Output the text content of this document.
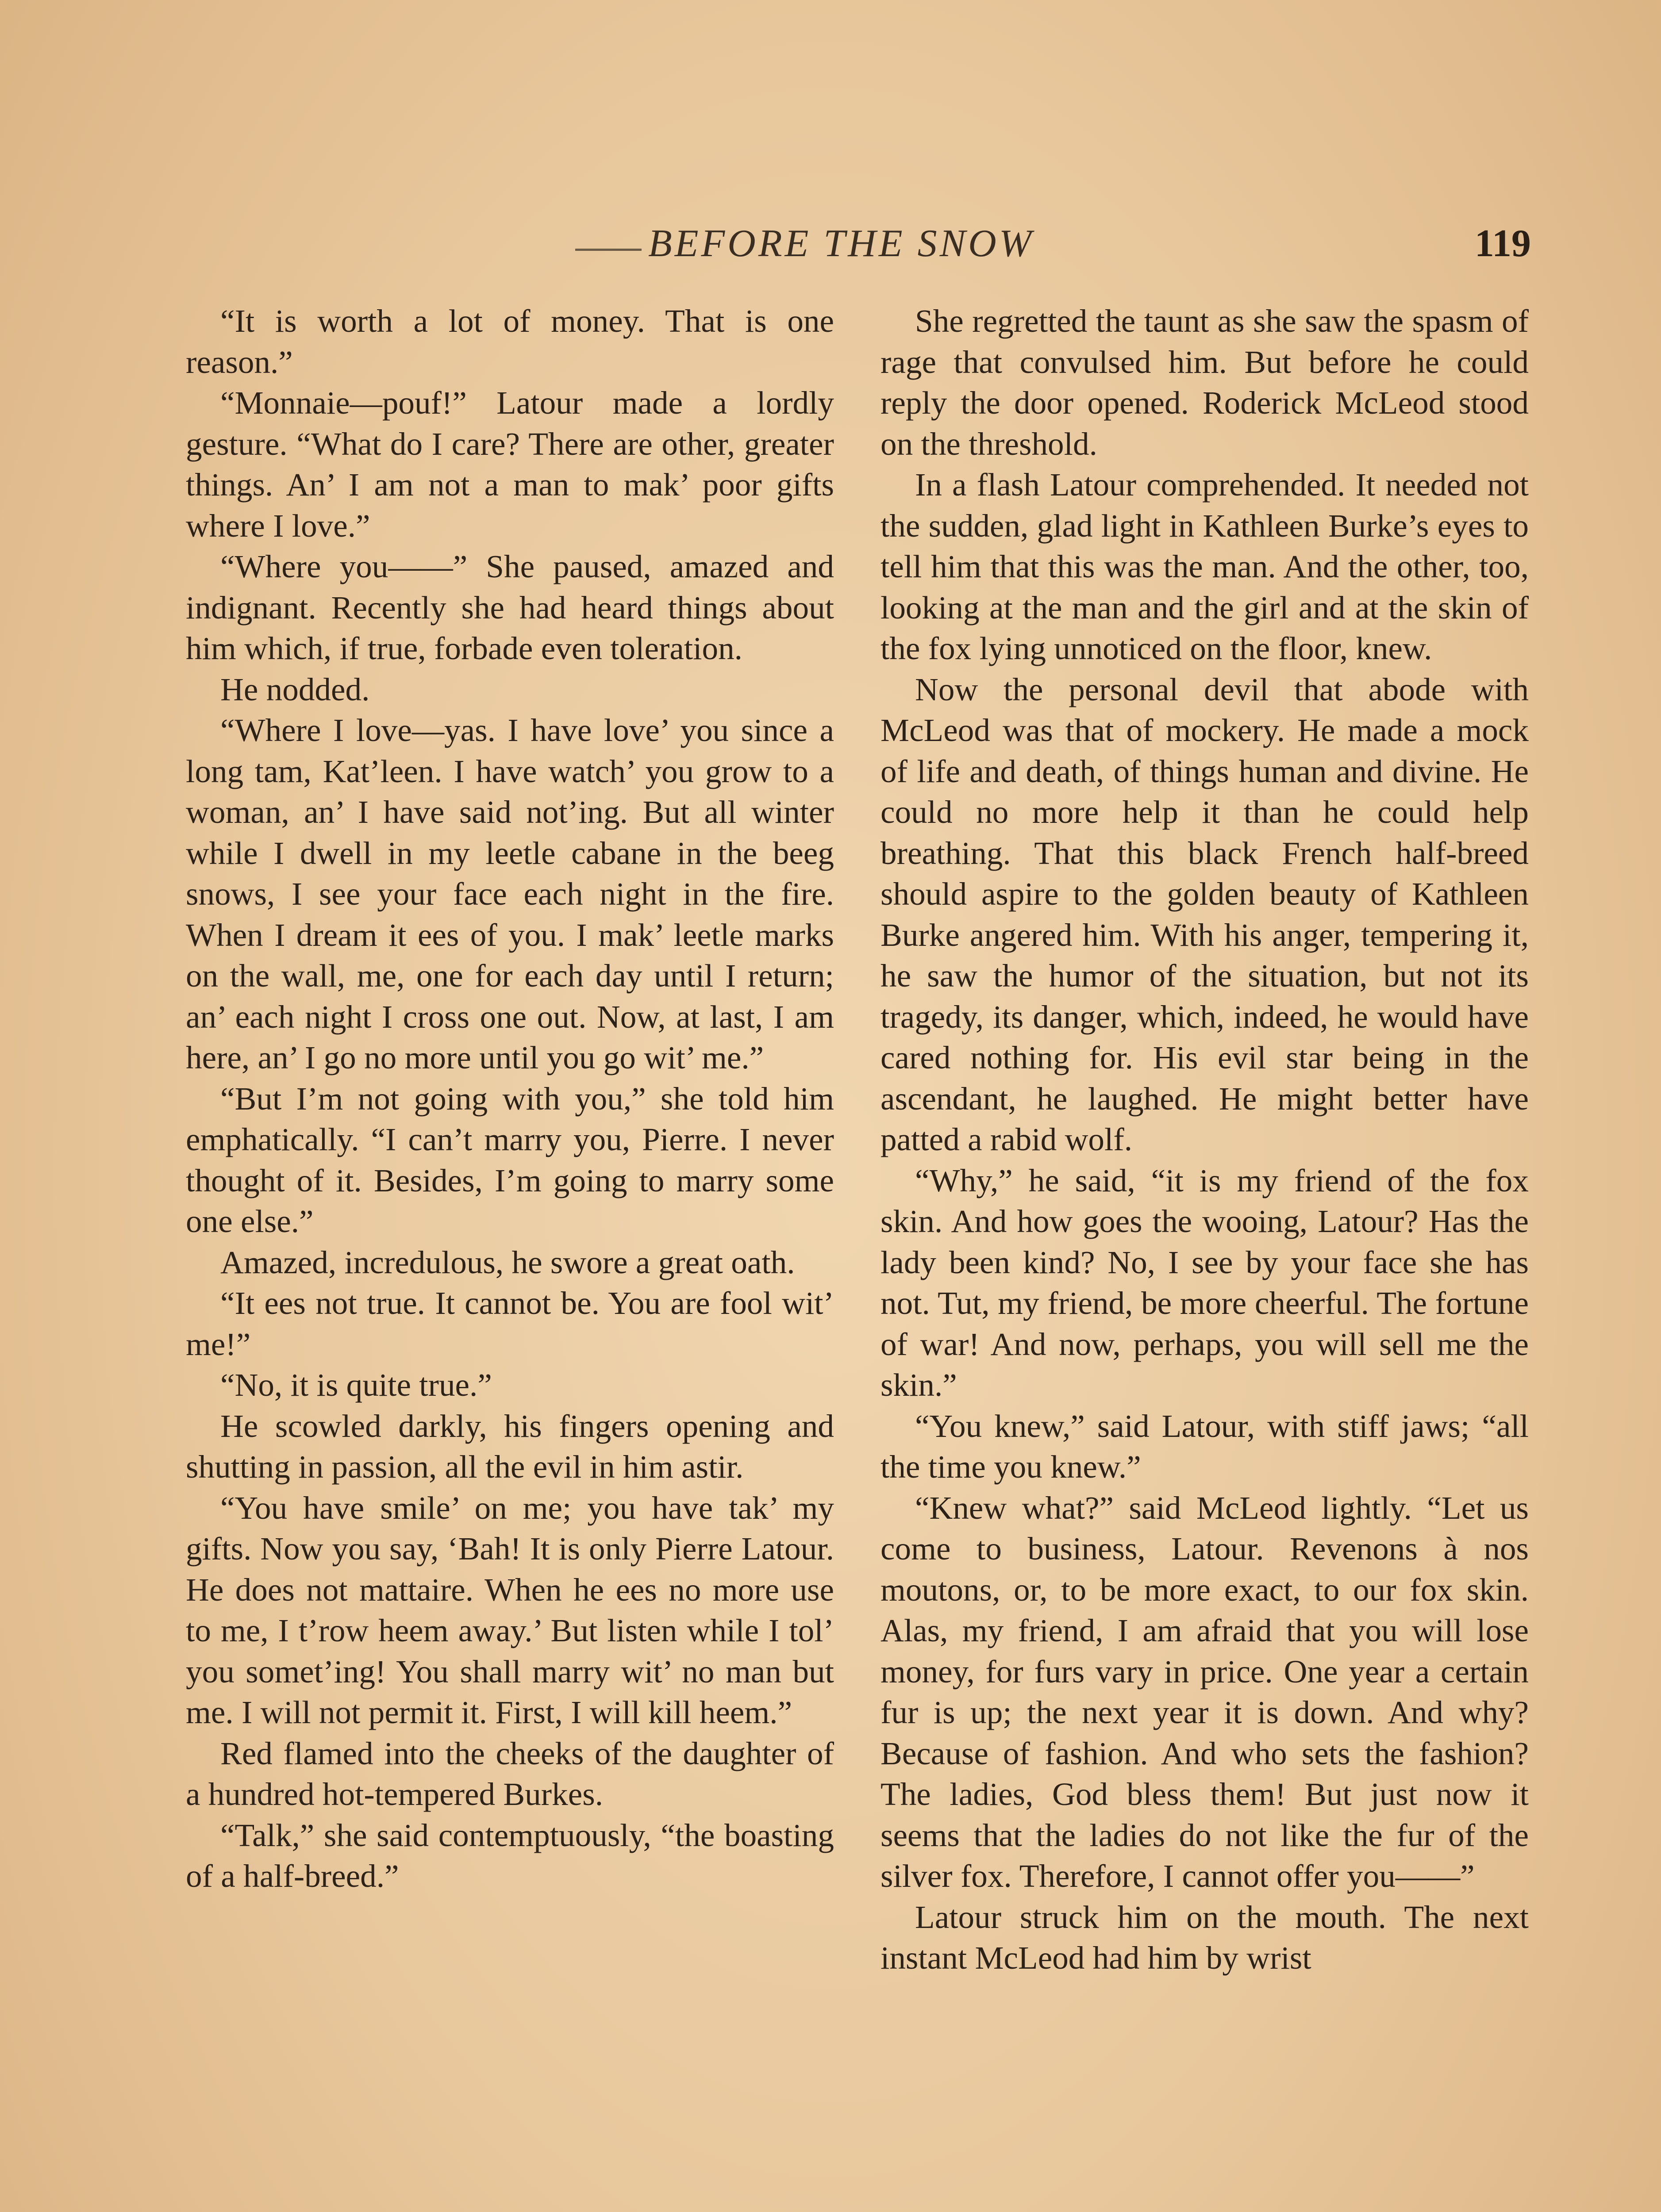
BEFORE THE SNOW	119

“It is worth a lot of money. That is one reason.”

“Monnaie—pouf!” Latour made a lordly gesture. “What do I care? There are other, greater things. An’ I am not a man to mak’ poor gifts where I love.”

“Where you——” She paused, amazed and indignant. Recently she had heard things about him which, if true, forbade even toleration.

He nodded.

“Where I love—yas. I have love’ you since a long tam, Kat’leen. I have watch’ you grow to a woman, an’ I have said not’ing. But all winter while I dwell in my leetle cabane in the beeg snows, I see your face each night in the fire. When I dream it ees of you. I mak’ leetle marks on the wall, me, one for each day until I return; an’ each night I cross one out. Now, at last, I am here, an’ I go no more until you go wit’ me.”

“But I’m not going with you,” she told him emphatically. “I can’t marry you, Pierre. I never thought of it. Besides, I’m going to marry some one else.”

Amazed, incredulous, he swore a great oath.

“It ees not true. It cannot be. You are fool wit’ me!”

“No, it is quite true.”

He scowled darkly, his fingers opening and shutting in passion, all the evil in him astir.

“You have smile’ on me; you have tak’ my gifts. Now you say, ‘Bah! It is only Pierre Latour. He does not mattaire. When he ees no more use to me, I t’row heem away.’ But listen while I tol’ you somet’ing! You shall marry wit’ no man but me. I will not permit it. First, I will kill heem.”

Red flamed into the cheeks of the daughter of a hundred hot-tempered Burkes.

“Talk,” she said contemptuously, “the boasting of a half-breed.”

She regretted the taunt as she saw the spasm of rage that convulsed him. But before he could reply the door opened. Roderick McLeod stood on the threshold.

In a flash Latour comprehended. It needed not the sudden, glad light in Kathleen Burke’s eyes to tell him that this was the man. And the other, too, looking at the man and the girl and at the skin of the fox lying unnoticed on the floor, knew.

Now the personal devil that abode with McLeod was that of mockery. He made a mock of life and death, of things human and divine. He could no more help it than he could help breathing. That this black French half-breed should aspire to the golden beauty of Kathleen Burke angered him. With his anger, tempering it, he saw the humor of the situation, but not its tragedy, its danger, which, indeed, he would have cared nothing for. His evil star being in the ascendant, he laughed. He might better have patted a rabid wolf.

“Why,” he said, “it is my friend of the fox skin. And how goes the wooing, Latour? Has the lady been kind? No, I see by your face she has not. Tut, my friend, be more cheerful. The fortune of war! And now, perhaps, you will sell me the skin.”

“You knew,” said Latour, with stiff jaws; “all the time you knew.”

“Knew what?” said McLeod lightly. “Let us come to business, Latour. Revenons à nos moutons, or, to be more exact, to our fox skin. Alas, my friend, I am afraid that you will lose money, for furs vary in price. One year a certain fur is up; the next year it is down. And why? Because of fashion. And who sets the fashion? The ladies, God bless them! But just now it seems that the ladies do not like the fur of the silver fox. Therefore, I cannot offer you——”

Latour struck him on the mouth. The next instant McLeod had him by wrist
